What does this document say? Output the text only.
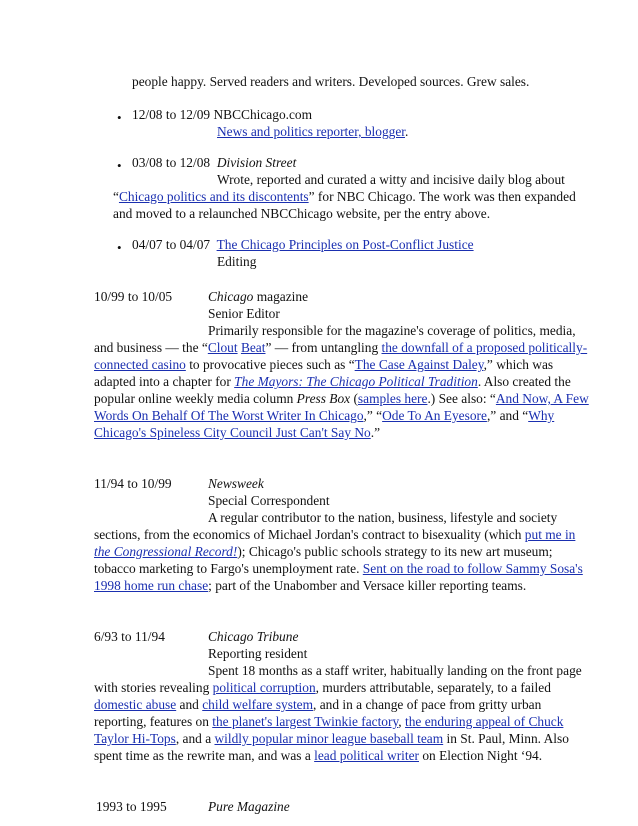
people happy. Served readers and writers. Developed sources. Grew sales.
•
12/08 to 12/09 NBCChicago.com
News and politics reporter, blogger.
•
03/08 to 12/08 Division Street
Wrote, reported and curated a witty and incisive daily blog about
“Chicago politics and its discontents” for NBC Chicago. The work was then expanded
and moved to a relaunched NBCChicago website, per the entry above.
•
04/07 to 04/07 The Chicago Principles on Post-Conflict Justice
Editing
10/99 to 10/05	Chicago magazine
Senior Editor
Primarily responsible for the magazine's coverage of politics, media,
and business — the “Clout Beat” — from untangling the downfall of a proposed politically-
connected casino to provocative pieces such as “The Case Against Daley,” which was
adapted into a chapter for The Mayors: The Chicago Political Tradition. Also created the
popular online weekly media column Press Box (samples here.) See also: “And Now, A Few
Words On Behalf Of The Worst Writer In Chicago,” “Ode To An Eyesore,” and “Why
Chicago's Spineless City Council Just Can't Say No.”
11/94 to 10/99	Newsweek
Special Correspondent
A regular contributor to the nation, business, lifestyle and society
sections, from the economics of Michael Jordan's contract to bisexuality (which put me in
the Congressional Record!); Chicago's public schools strategy to its new art museum;
tobacco marketing to Fargo's unemployment rate. Sent on the road to follow Sammy Sosa's
1998 home run chase; part of the Unabomber and Versace killer reporting teams.
6/93 to 11/94	Chicago Tribune
Reporting resident
Spent 18 months as a staff writer, habitually landing on the front page
with stories revealing political corruption, murders attributable, separately, to a failed
domestic abuse and child welfare system, and in a change of pace from gritty urban
reporting, features on the planet's largest Twinkie factory, the enduring appeal of Chuck
Taylor Hi-Tops, and a wildly popular minor league baseball team in St. Paul, Minn. Also
spent time as the rewrite man, and was a lead political writer on Election Night ‘94.
1993 to 1995	Pure Magazine
